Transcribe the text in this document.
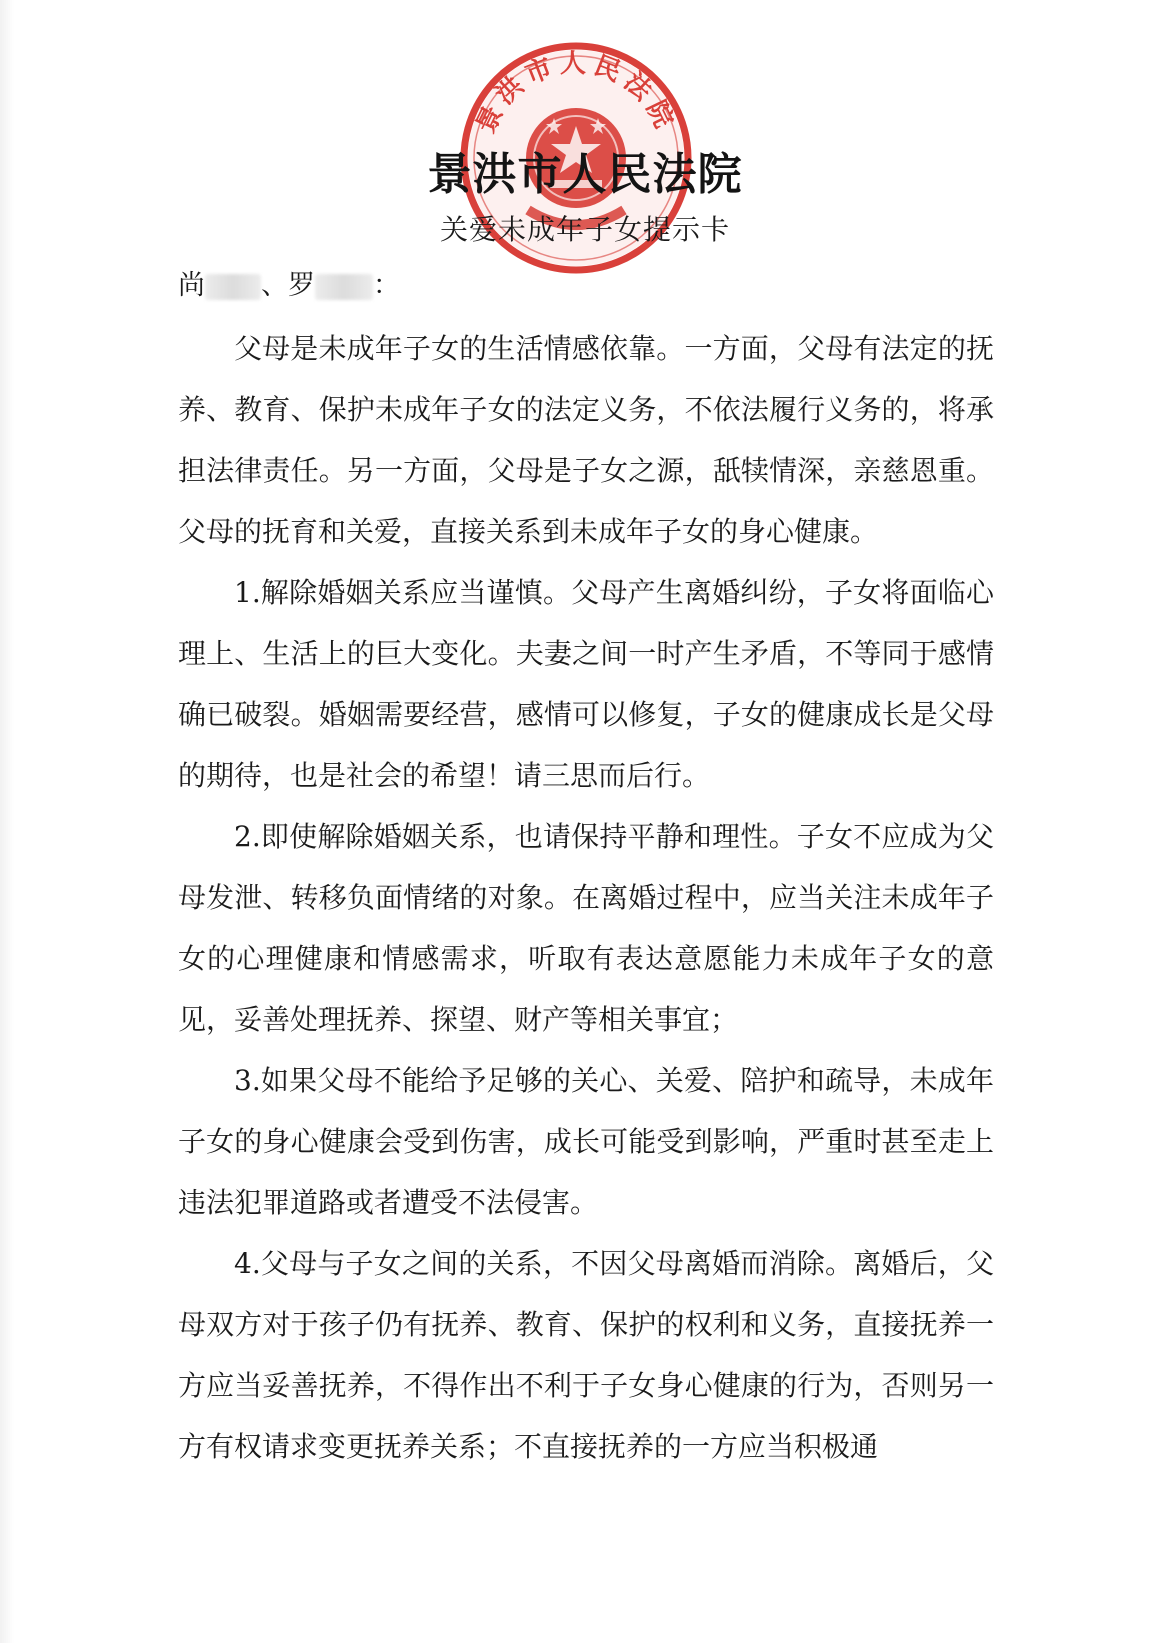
景洪市人民法院
景洪市人民法院
关爱未成年子女提示卡
尚 、罗 ：

父母是未成年子女的生活情感依靠。一方面，父母有法定的抚养、教育、保护未成年子女的法定义务，不依法履行义务的，将承担法律责任。另一方面，父母是子女之源，舐犊情深，亲慈恩重。父母的抚育和关爱，直接关系到未成年子女的身心健康。

1.解除婚姻关系应当谨慎。父母产生离婚纠纷，子女将面临心理上、生活上的巨大变化。夫妻之间一时产生矛盾，不等同于感情确已破裂。婚姻需要经营，感情可以修复，子女的健康成长是父母的期待，也是社会的希望！请三思而后行。

2.即使解除婚姻关系，也请保持平静和理性。子女不应成为父母发泄、转移负面情绪的对象。在离婚过程中，应当关注未成年子女的心理健康和情感需求，听取有表达意愿能力未成年子女的意见，妥善处理抚养、探望、财产等相关事宜；

3.如果父母不能给予足够的关心、关爱、陪护和疏导，未成年子女的身心健康会受到伤害，成长可能受到影响，严重时甚至走上违法犯罪道路或者遭受不法侵害。

4.父母与子女之间的关系，不因父母离婚而消除。离婚后，父母双方对于孩子仍有抚养、教育、保护的权利和义务，直接抚养一方应当妥善抚养，不得作出不利于子女身心健康的行为，否则另一方有权请求变更抚养关系；不直接抚养的一方应当积极通
